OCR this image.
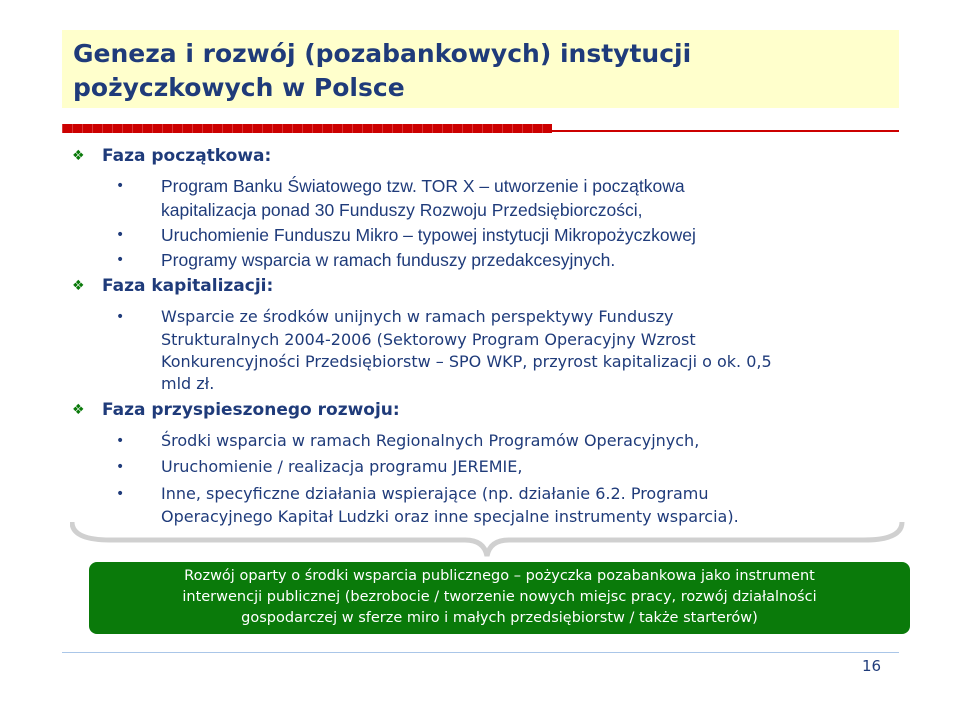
Geneza i rozwój (pozabankowych) instytucji pożyczkowych w Polsce
❖	Faza początkowa:
•	Program Banku Światowego tzw. TOR X – utworzenie i początkowa
kapitalizacja ponad 30 Funduszy Rozwoju Przedsiębiorczości,
•	Uruchomienie Funduszu Mikro – typowej instytucji Mikropożyczkowej
•	Programy wsparcia w ramach funduszy przedakcesyjnych.
❖	Faza kapitalizacji:
•	Wsparcie ze środków unijnych w ramach perspektywy Funduszy
Strukturalnych 2004-2006 (Sektorowy Program Operacyjny Wzrost
Konkurencyjności Przedsiębiorstw – SPO WKP, przyrost kapitalizacji o ok. 0,5
mld zł.
❖	Faza przyspieszonego rozwoju:
•	Środki wsparcia w ramach Regionalnych Programów Operacyjnych,
•	Uruchomienie / realizacja programu JEREMIE,
•	Inne, specyficzne działania wspierające (np. działanie 6.2. Programu
Operacyjnego Kapitał Ludzki oraz inne specjalne instrumenty wsparcia).
Rozwój oparty o środki wsparcia publicznego – pożyczka pozabankowa jako instrument
interwencji publicznej (bezrobocie / tworzenie nowych miejsc pracy, rozwój działalności
gospodarczej w sferze miro i małych przedsiębiorstw / także starterów)
16
